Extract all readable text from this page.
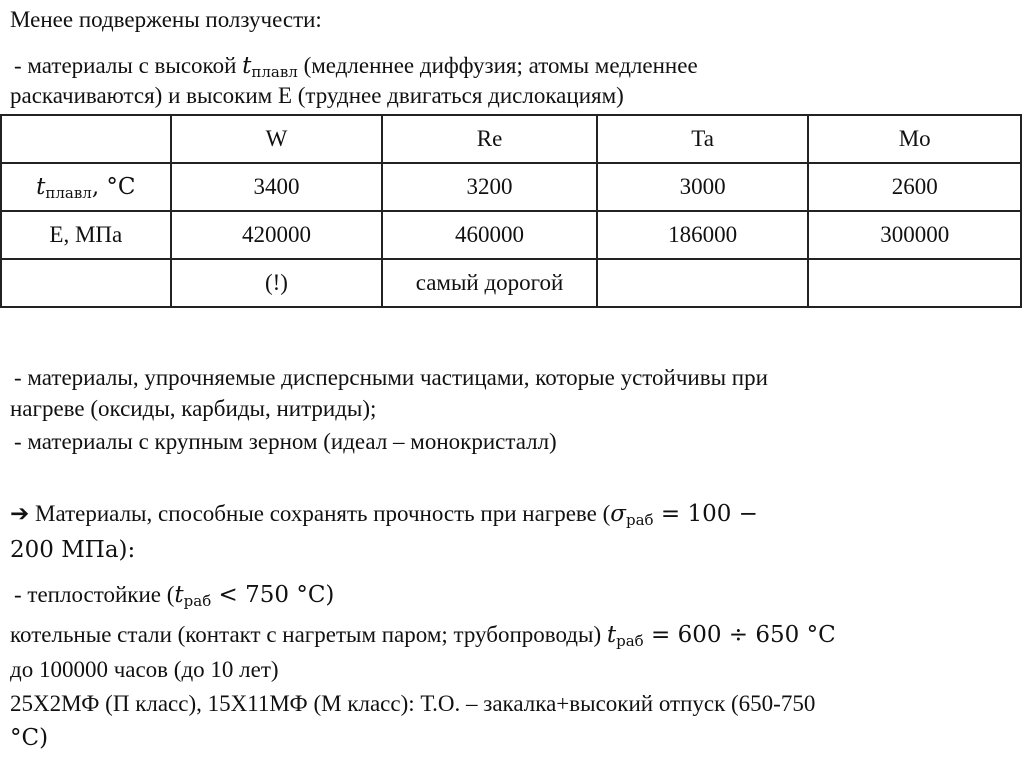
Менее подвержены ползучести:
- материалы с высокой tплавл (медленнее диффузия; атомы медленнее
раскачиваются) и высоким E (труднее двигаться дислокациям)
	W	Re	Ta	Mo
tплавл, °C	3400	3200	3000	2600
E, МПа	420000	460000	186000	300000
	(!)	самый дорогой		
- материалы, упрочняемые дисперсными частицами, которые устойчивы при
нагреве (оксиды, карбиды, нитриды);
- материалы с крупным зерном (идеал – монокристалл)
➔ Материалы, способные сохранять прочность при нагреве (σраб = 100 −
200 МПа):
- теплостойкие (tраб < 750 °C)
котельные стали (контакт с нагретым паром; трубопроводы) tраб = 600 ÷ 650 °C
до 100000 часов (до 10 лет)
25Х2МФ (П класс), 15Х11МФ (М класс): Т.О. – закалка+высокий отпуск (650-750
°C)
